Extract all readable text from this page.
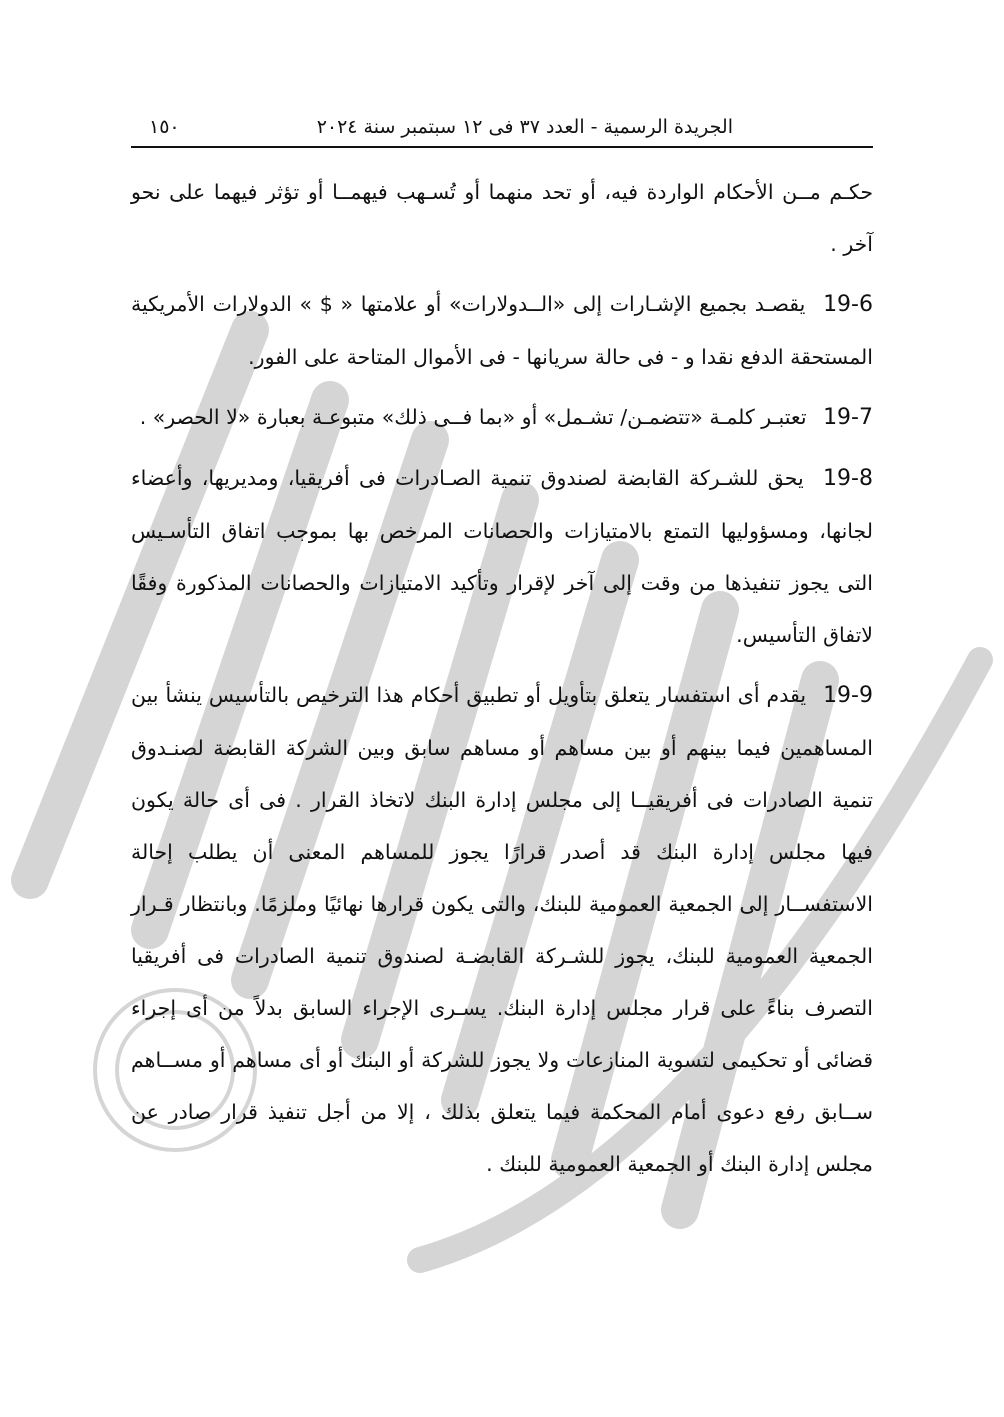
١٥٠	الجريدة الرسمية - العدد ٣٧ فى ١٢ سبتمبر سنة ٢٠٢٤

حكـم مــن الأحكام الواردة فيه، أو تحد منهما أو تُسـهب فيهمــا أو تؤثر فيهما على نحو آخر .

19-6 يقصـد بجميع الإشـارات إلى «الــدولارات» أو علامتها « $ » الدولارات الأمريكية المستحقة الدفع نقدا و - فى حالة سريانها - فى الأموال المتاحة على الفور.

19-7 تعتبـر كلمـة «تتضمـن/ تشـمل» أو «بما فــى ذلك» متبوعـة بعبارة «لا الحصر» .

19-8 يحق للشـركة القابضة لصندوق تنمية الصـادرات فى أفريقيا، ومديريها، وأعضاء لجانها، ومسؤوليها التمتع بالامتيازات والحصانات المرخص بها بموجب اتفاق التأسـيس التى يجوز تنفيذها من وقت إلى آخر لإقرار وتأكيد الامتيازات والحصانات المذكورة وفقًا لاتفاق التأسيس.

19-9 يقدم أى استفسار يتعلق بتأويل أو تطبيق أحكام هذا الترخيص بالتأسيس ينشأ بين المساهمين فيما بينهم أو بين مساهم أو مساهم سابق وبين الشركة القابضة لصنـدوق تنمية الصادرات فى أفريقيــا إلى مجلس إدارة البنك لاتخاذ القرار . فى أى حالة يكون فيها مجلس إدارة البنك قد أصدر قرارًا يجوز للمساهم المعنى أن يطلب إحالة الاستفســار إلى الجمعية العمومية للبنك، والتى يكون قرارها نهائيًا وملزمًا. وبانتظار قـرار الجمعية العمومية للبنك، يجوز للشـركة القابضـة لصندوق تنمية الصادرات فى أفريقيا التصرف بناءً على قرار مجلس إدارة البنك. يسـرى الإجراء السابق بدلاً من أى إجراء قضائى أو تحكيمى لتسوية المنازعات ولا يجوز للشركة أو البنك أو أى مساهم أو مســاهم ســابق رفع دعوى أمام المحكمة فيما يتعلق بذلك ، إلا من أجل تنفيذ قرار صادر عن مجلس إدارة البنك أو الجمعية العمومية للبنك .
